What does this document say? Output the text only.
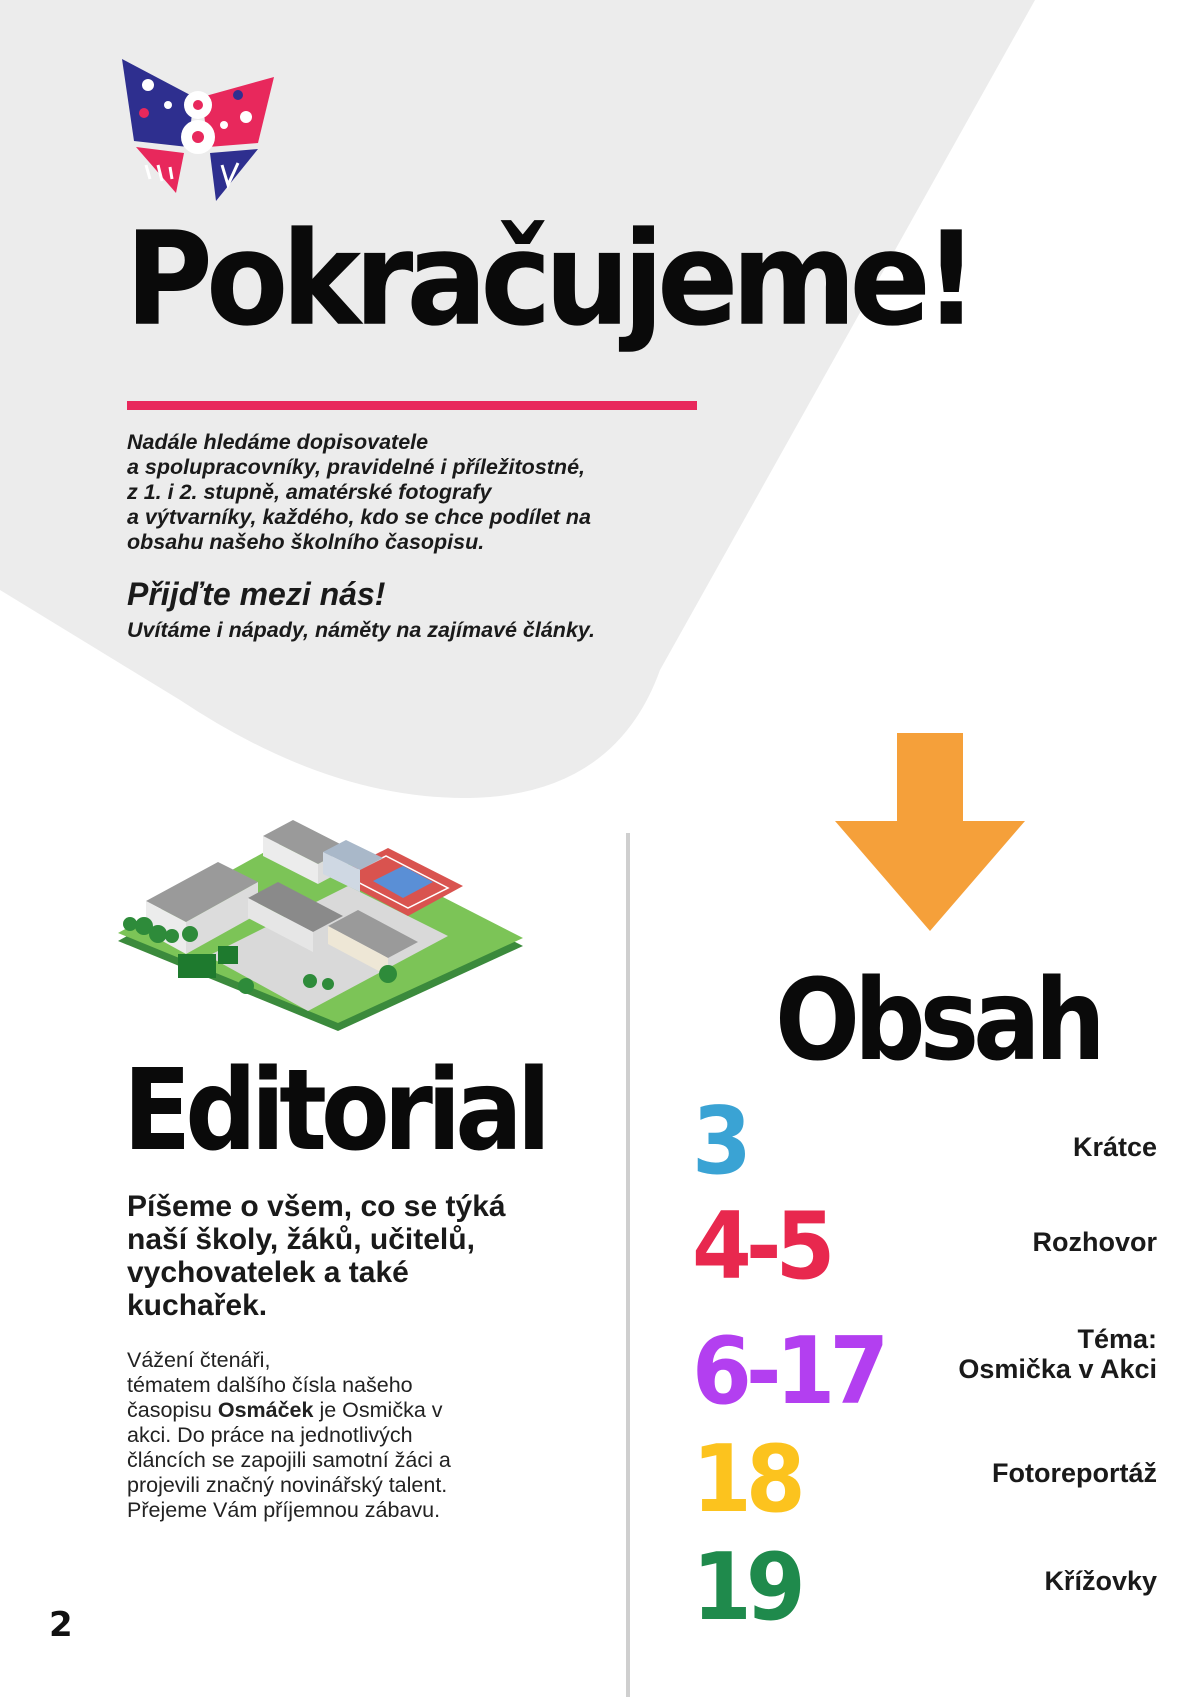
Pokračujeme!

Nadále hledáme dopisovatele
a spolupracovníky, pravidelné i příležitostné,
z 1. i 2. stupně, amatérské fotografy
a výtvarníky, každého, kdo se chce podílet na
obsahu našeho školního časopisu.

Přijďte mezi nás!

Uvítáme i nápady, náměty na zajímavé články.

Editorial

Píšeme o všem, co se týká naší školy, žáků, učitelů, vychovatelek a také kuchařek.

Vážení čtenáři,
tématem dalšího čísla našeho časopisu Osmáček je Osmička v akci. Do práce na jednotlivých článcích se zapojili samotní žáci a projevili značný novinářský talent. Přejeme Vám příjemnou zábavu.

2

Obsah
3	Krátce
4-5	Rozhovor
6-17	Téma:
Osmička v Akci
18	Fotoreportáž
19	Křížovky
